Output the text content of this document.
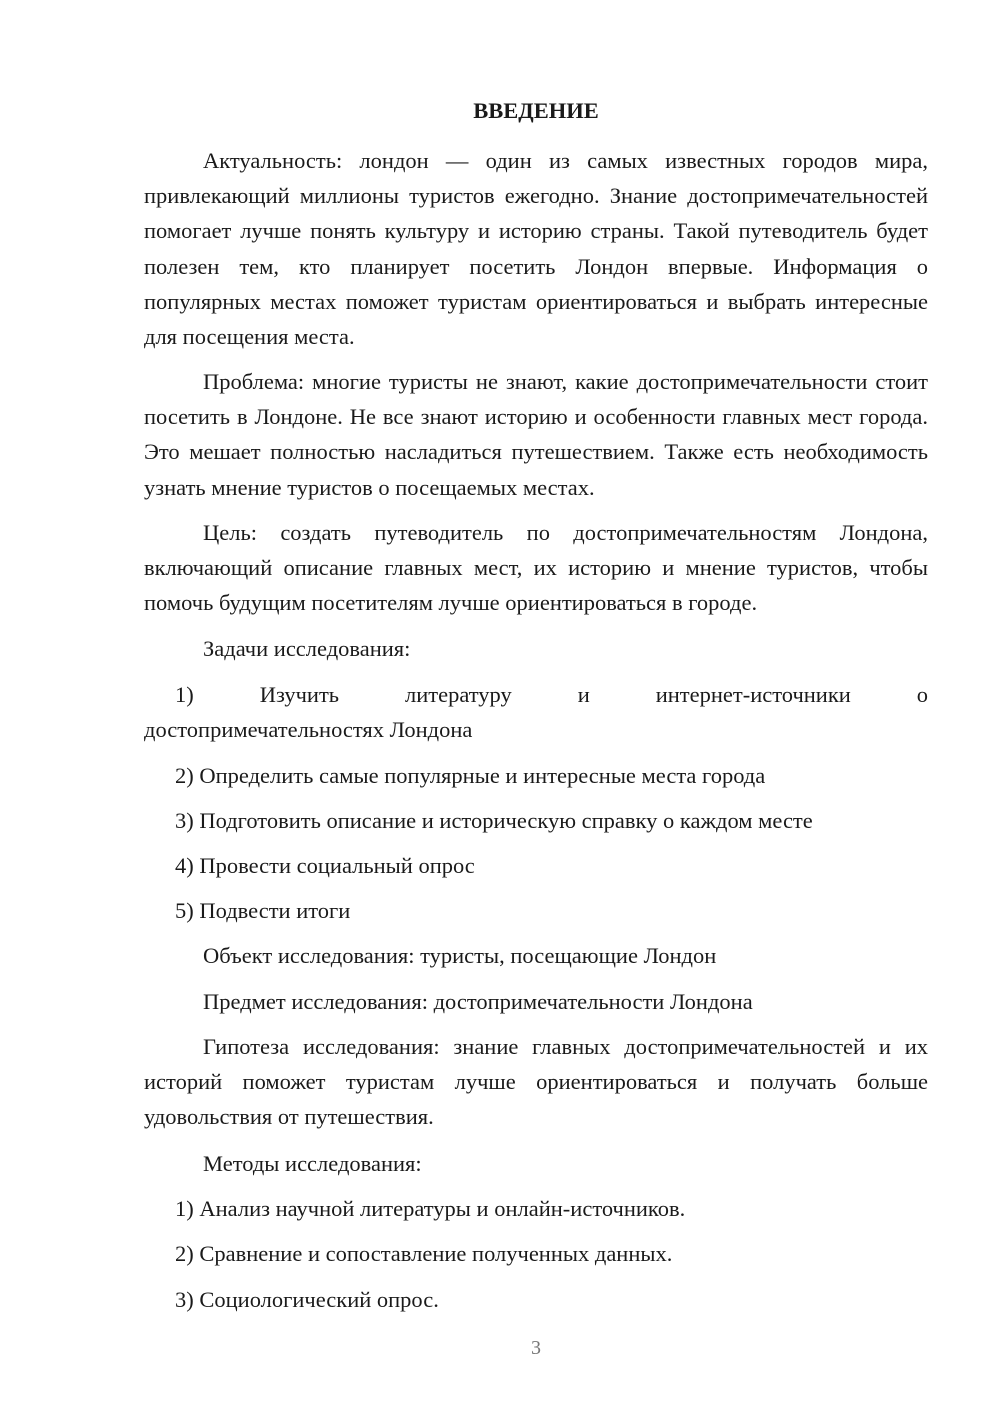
ВВЕДЕНИЕ

Актуальность: лондон — один из самых известных городов мира, привлекающий миллионы туристов ежегодно. Знание достопримечательностей помогает лучше понять культуру и историю страны. Такой путеводитель будет полезен тем, кто планирует посетить Лондон впервые. Информация о популярных местах поможет туристам ориентироваться и выбрать интересные для посещения места.

Проблема: многие туристы не знают, какие достопримечательности стоит посетить в Лондоне. Не все знают историю и особенности главных мест города. Это мешает полностью насладиться путешествием. Также есть необходимость узнать мнение туристов о посещаемых местах.

Цель: создать путеводитель по достопримечательностям Лондона, включающий описание главных мест, их историю и мнение туристов, чтобы помочь будущим посетителям лучше ориентироваться в городе.

Задачи исследования:
1)	Изучить	литературу	и	интернет-источники	о
достопримечательностях Лондона
2) Определить самые популярные и интересные места города
3) Подготовить описание и историческую справку о каждом месте
4) Провести социальный опрос
5) Подвести итоги
Объект исследования: туристы, посещающие Лондон
Предмет исследования: достопримечательности Лондона

Гипотеза исследования: знание главных достопримечательностей и их историй поможет туристам лучше ориентироваться и получать больше удовольствия от путешествия.

Методы исследования:
1) Анализ научной литературы и онлайн-источников.
2) Сравнение и сопоставление полученных данных.
3) Социологический опрос.
3
